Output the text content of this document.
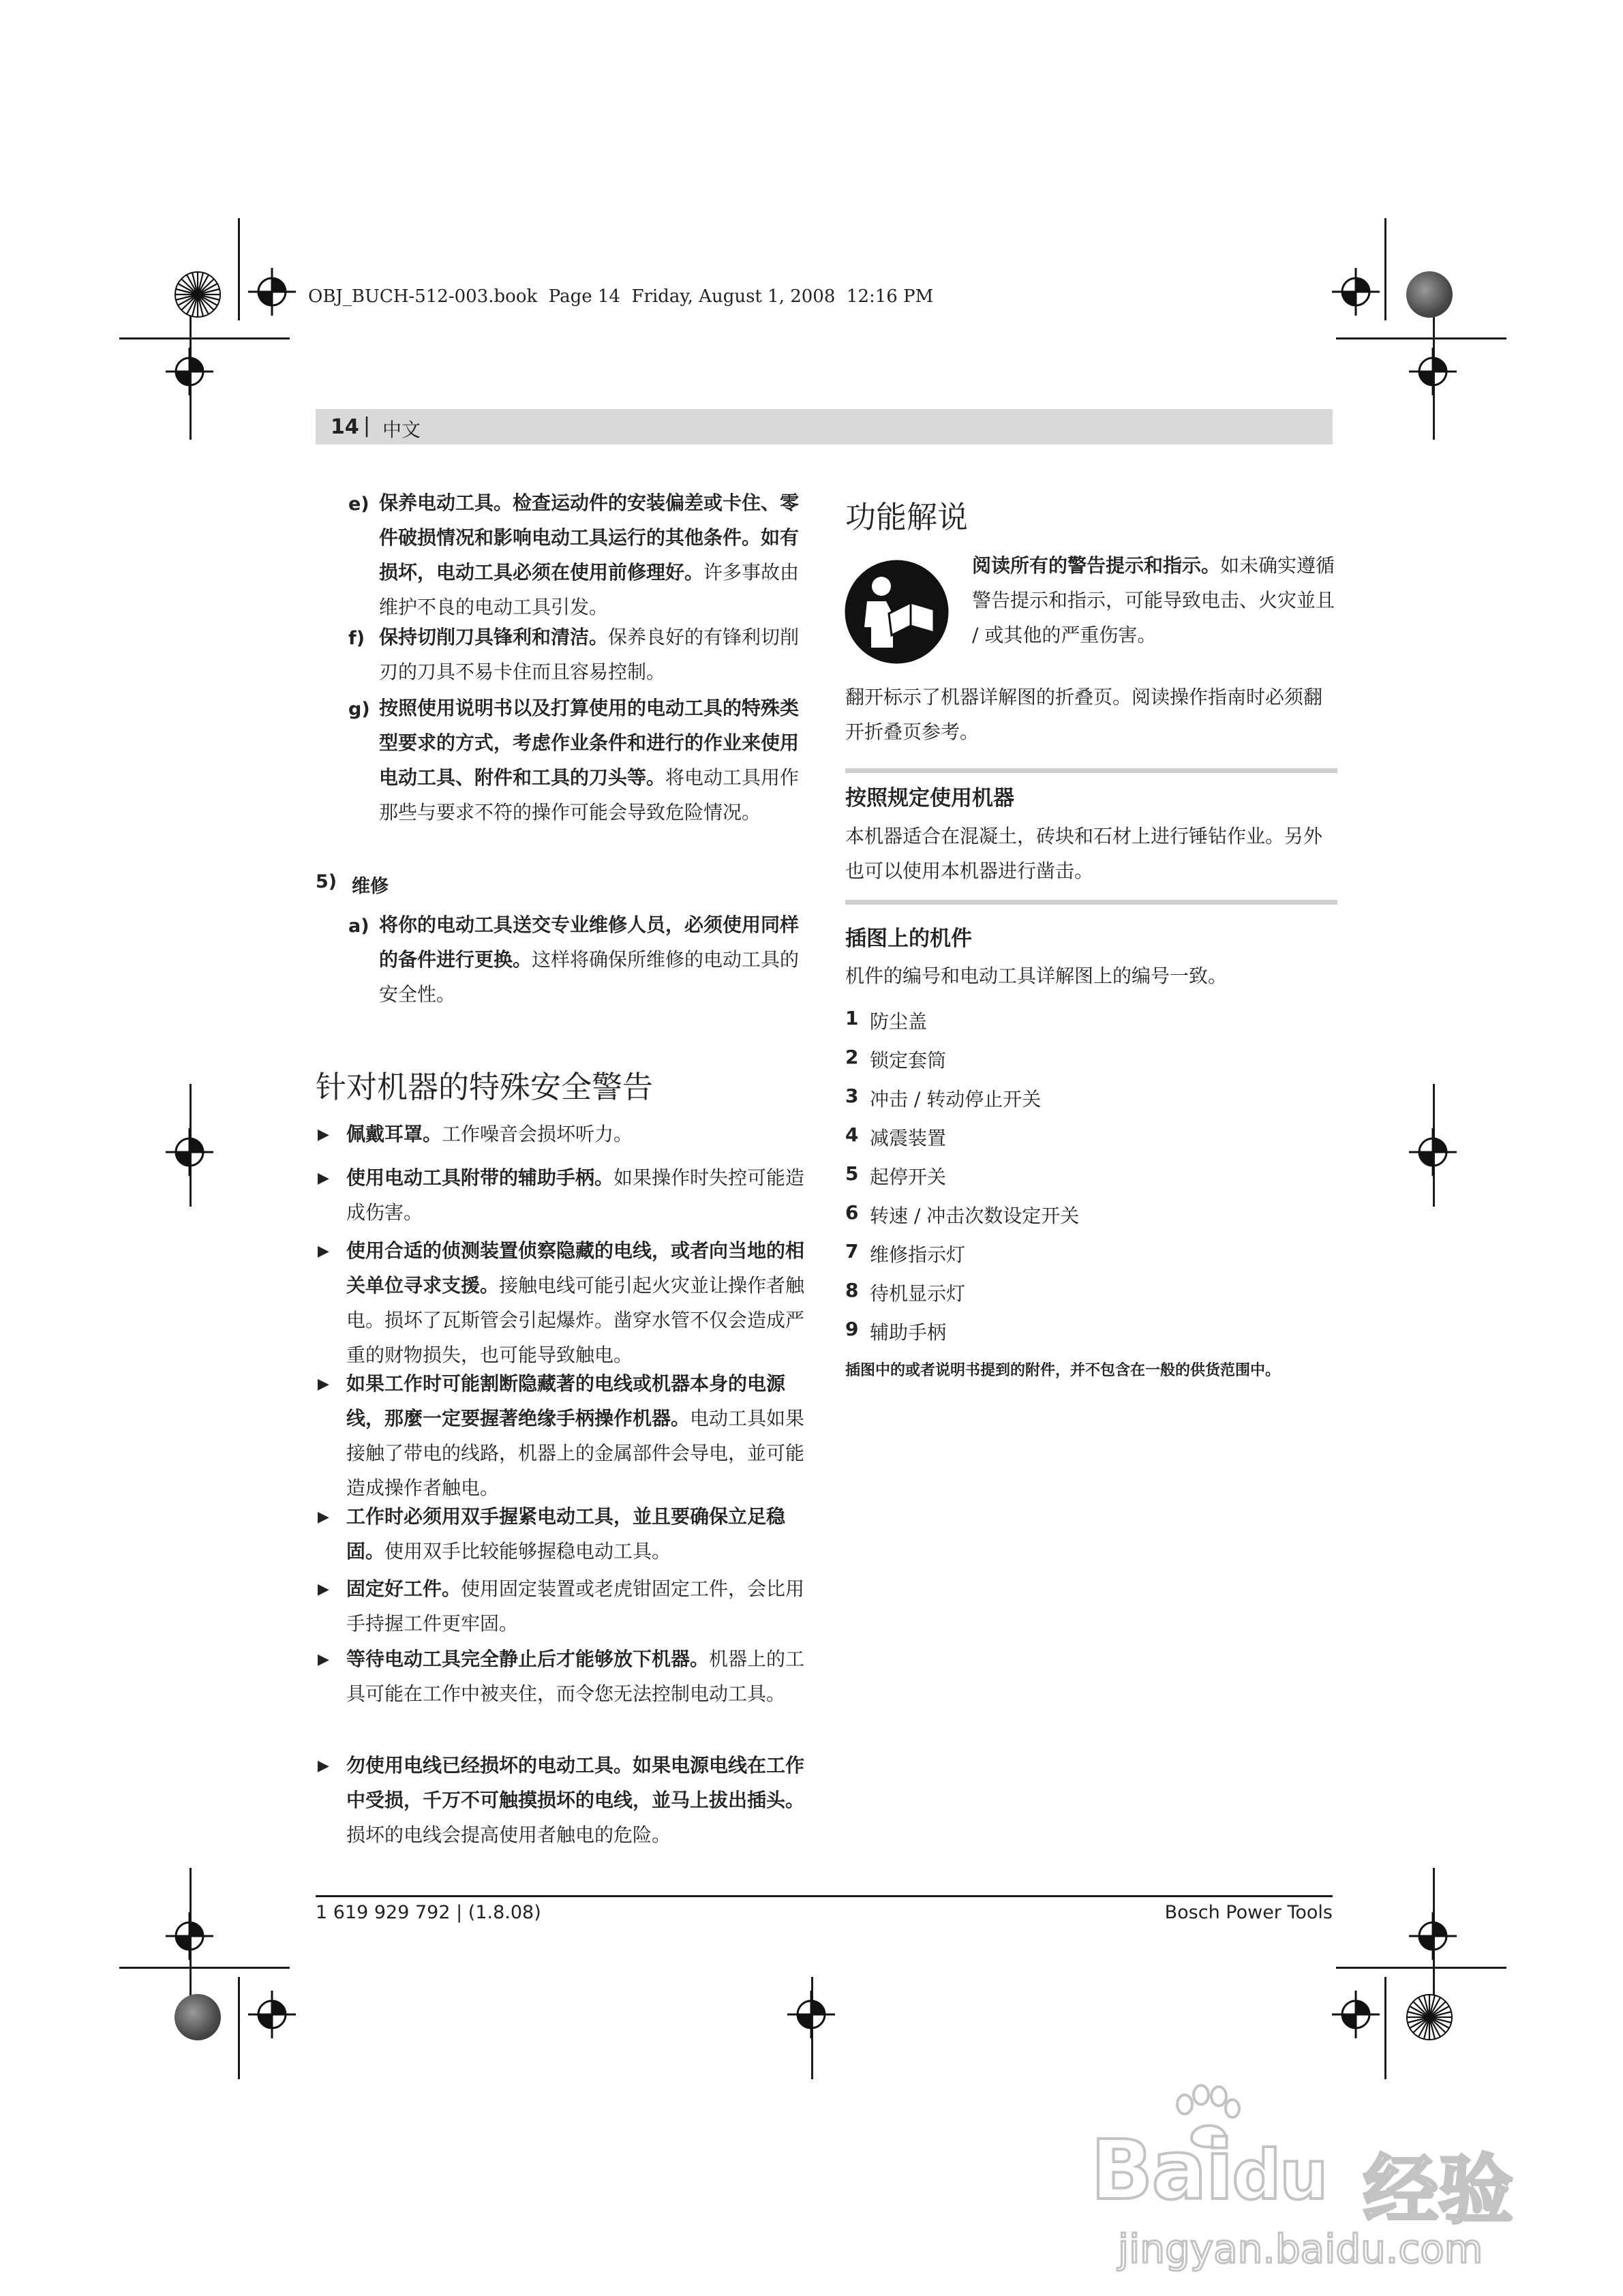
OBJ_BUCH-512-003.book  Page 14  Friday, August 1, 2008  12:16 PM
14 | 中文
e) 保养电动工具。检查运动件的安装偏差或卡住、零件破损情况和影响电动工具运行的其他条件。如有损坏，电动工具必须在使用前修理好。许多事故由维护不良的电动工具引发。
f) 保持切削刀具锋利和清洁。保养良好的有锋利切削刃的刀具不易卡住而且容易控制。
g) 按照使用说明书以及打算使用的电动工具的特殊类型要求的方式，考虑作业条件和进行的作业来使用电动工具、附件和工具的刀头等。将电动工具用作那些与要求不符的操作可能会导致危险情况。
5) 维修
a) 将你的电动工具送交专业维修人员，必须使用同样的备件进行更换。这样将确保所维修的电动工具的安全性。
针对机器的特殊安全警告
▶ 佩戴耳罩。工作噪音会损坏听力。
▶ 使用电动工具附带的辅助手柄。如果操作时失控可能造成伤害。
▶ 使用合适的侦测装置侦察隐藏的电线，或者向当地的相关单位寻求支援。接触电线可能引起火灾並让操作者触电。损坏了瓦斯管会引起爆炸。凿穿水管不仅会造成严重的财物损失，也可能导致触电。
▶ 如果工作时可能割断隐藏著的电线或机器本身的电源线，那麼一定要握著绝缘手柄操作机器。电动工具如果接触了带电的线路，机器上的金属部件会导电，並可能造成操作者触电。
▶ 工作时必须用双手握紧电动工具，並且要确保立足稳固。使用双手比较能够握稳电动工具。
▶ 固定好工件。使用固定装置或老虎钳固定工件，会比用手持握工件更牢固。
▶ 等待电动工具完全静止后才能够放下机器。机器上的工具可能在工作中被夹住，而令您无法控制电动工具。
▶ 勿使用电线已经损坏的电动工具。如果电源电线在工作中受损，千万不可触摸损坏的电线，並马上拔出插头。损坏的电线会提高使用者触电的危险。
功能解说
阅读所有的警告提示和指示。如未确实遵循警告提示和指示，可能导致电击、火灾並且 / 或其他的严重伤害。
翻开标示了机器详解图的折叠页。阅读操作指南时必须翻开折叠页参考。
按照规定使用机器
本机器适合在混凝土，砖块和石材上进行锤钻作业。另外也可以使用本机器进行凿击。
插图上的机件
机件的编号和电动工具详解图上的编号一致。
1 防尘盖
2 锁定套筒
3 冲击 / 转动停止开关
4 减震装置
5 起停开关
6 转速 / 冲击次数设定开关
7 维修指示灯
8 待机显示灯
9 辅助手柄
插图中的或者说明书提到的附件，并不包含在一般的供货范围中。
1 619 929 792 | (1.8.08)	Bosch Power Tools
Baidu 经验
jingyan.baidu.com
